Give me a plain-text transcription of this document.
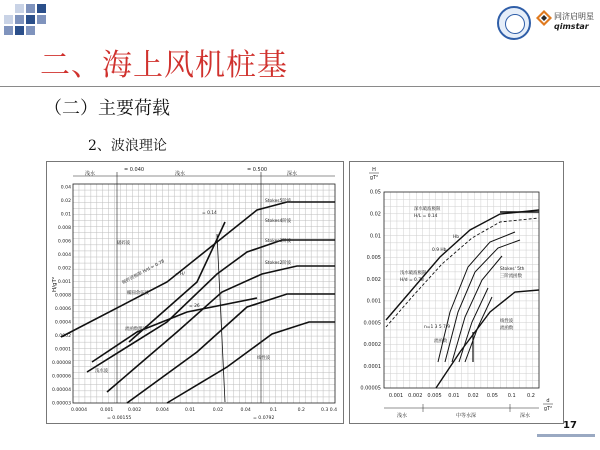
同济启明星
qimstar
二、海上风机桩基
（二）主要荷载
2、波浪理论
0.04
0.02
0.01
0.008
0.006
0.004
0.002
0.001
0.0008
0.0006
0.0004
0.0002
0.0001
0.00008
0.00006
0.00004
0.00003
0.0004	0.001	0.002	0.004	0.01	0.02	0.04	0.1	0.2	0.3 0.4
浅水
= 0.040
浅水
= 0.500
深水
H/gT²
破碎波
破碎波极限 H/d = 0.78
= 0.14
Stokes5阶波
Stokes4阶波
Stokes3阶波
Stokes2阶波
= H/
椭圆余弦波
流函数理论
= 26
线性波
浅水波
= 0.00155	= 0.0792
0.05
0.02
0.01
0.005
0.002
0.001
0.0005
0.0002
0.0001
0.00005
0.001 0.002 0.005 0.01 0.02 0.05 0.1 0.2
H
gT²
d
gT²
深水破波极限
H/L = 0.14
Hb
0.9 Hb
浅水破波极限
H/d = 0.78
Stokes' 5th
三阶流函数
n=1 3 5 7 9
流函数
线性波
流函数
浅水	中等水深	深水
17
